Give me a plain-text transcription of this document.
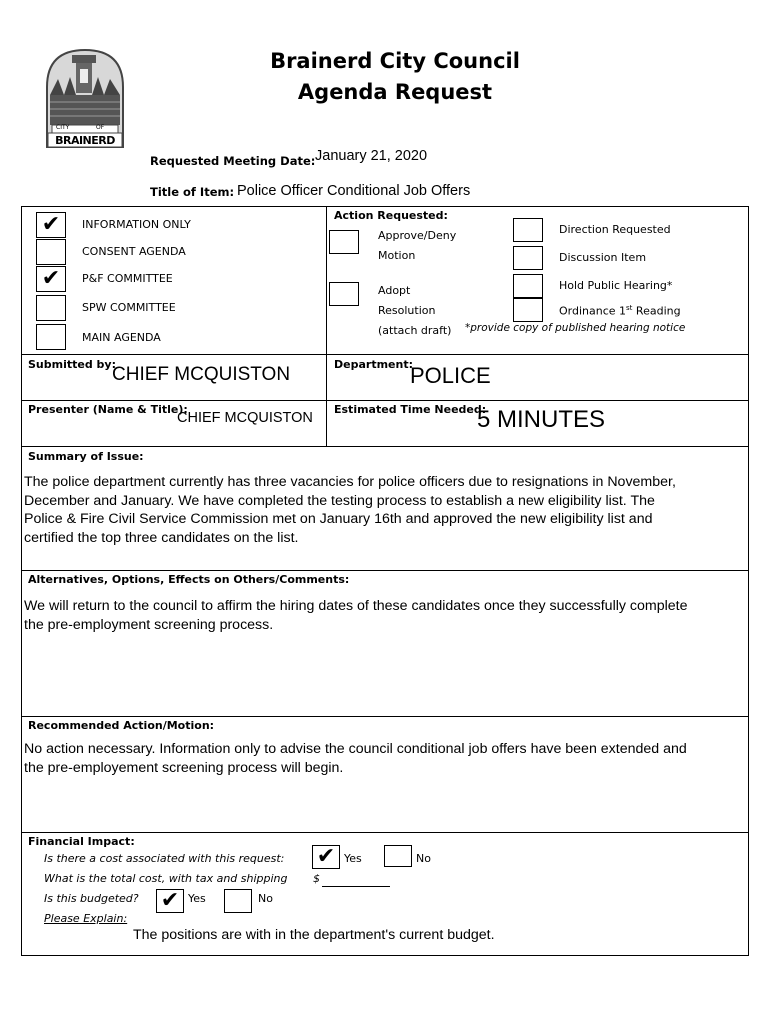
CITY	OF
BRAINERD
Brainerd City Council
Agenda Request
Requested Meeting Date: January 21, 2020
Title of Item: Police Officer Conditional Job Offers
✔	INFORMATION ONLY
CONSENT AGENDA
✔	P&F COMMITTEE
SPW COMMITTEE
MAIN AGENDA
Action Requested:
Approve/Deny
Motion
Adopt
Resolution
(attach draft)
Direction Requested
Discussion Item
Hold Public Hearing*
Ordinance 1st Reading
*provide copy of published hearing notice
Submitted by:
CHIEF MCQUISTON	Department:
POLICE
Presenter (Name & Title):
CHIEF MCQUISTON
Estimated Time Needed:
5 MINUTES
Summary of Issue:
The police department currently has three vacancies for police officers due to resignations in November,
December and January. We have completed the testing process to establish a new eligibility list. The
Police & Fire Civil Service Commission met on January 16th and approved the new eligibility list and
certified the top three candidates on the list.
Alternatives, Options, Effects on Others/Comments:
We will return to the council to affirm the hiring dates of these candidates once they successfully complete
the pre-employment screening process.
Recommended Action/Motion:
No action necessary. Information only to advise the council conditional job offers have been extended and
the pre-employement screening process will begin.
Financial Impact:
Is there a cost associated with this request: ✔ Yes	No
What is the total cost, with tax and shipping $
Is this budgeted? ✔ Yes	No
Please Explain:
The positions are with in the department's current budget.
